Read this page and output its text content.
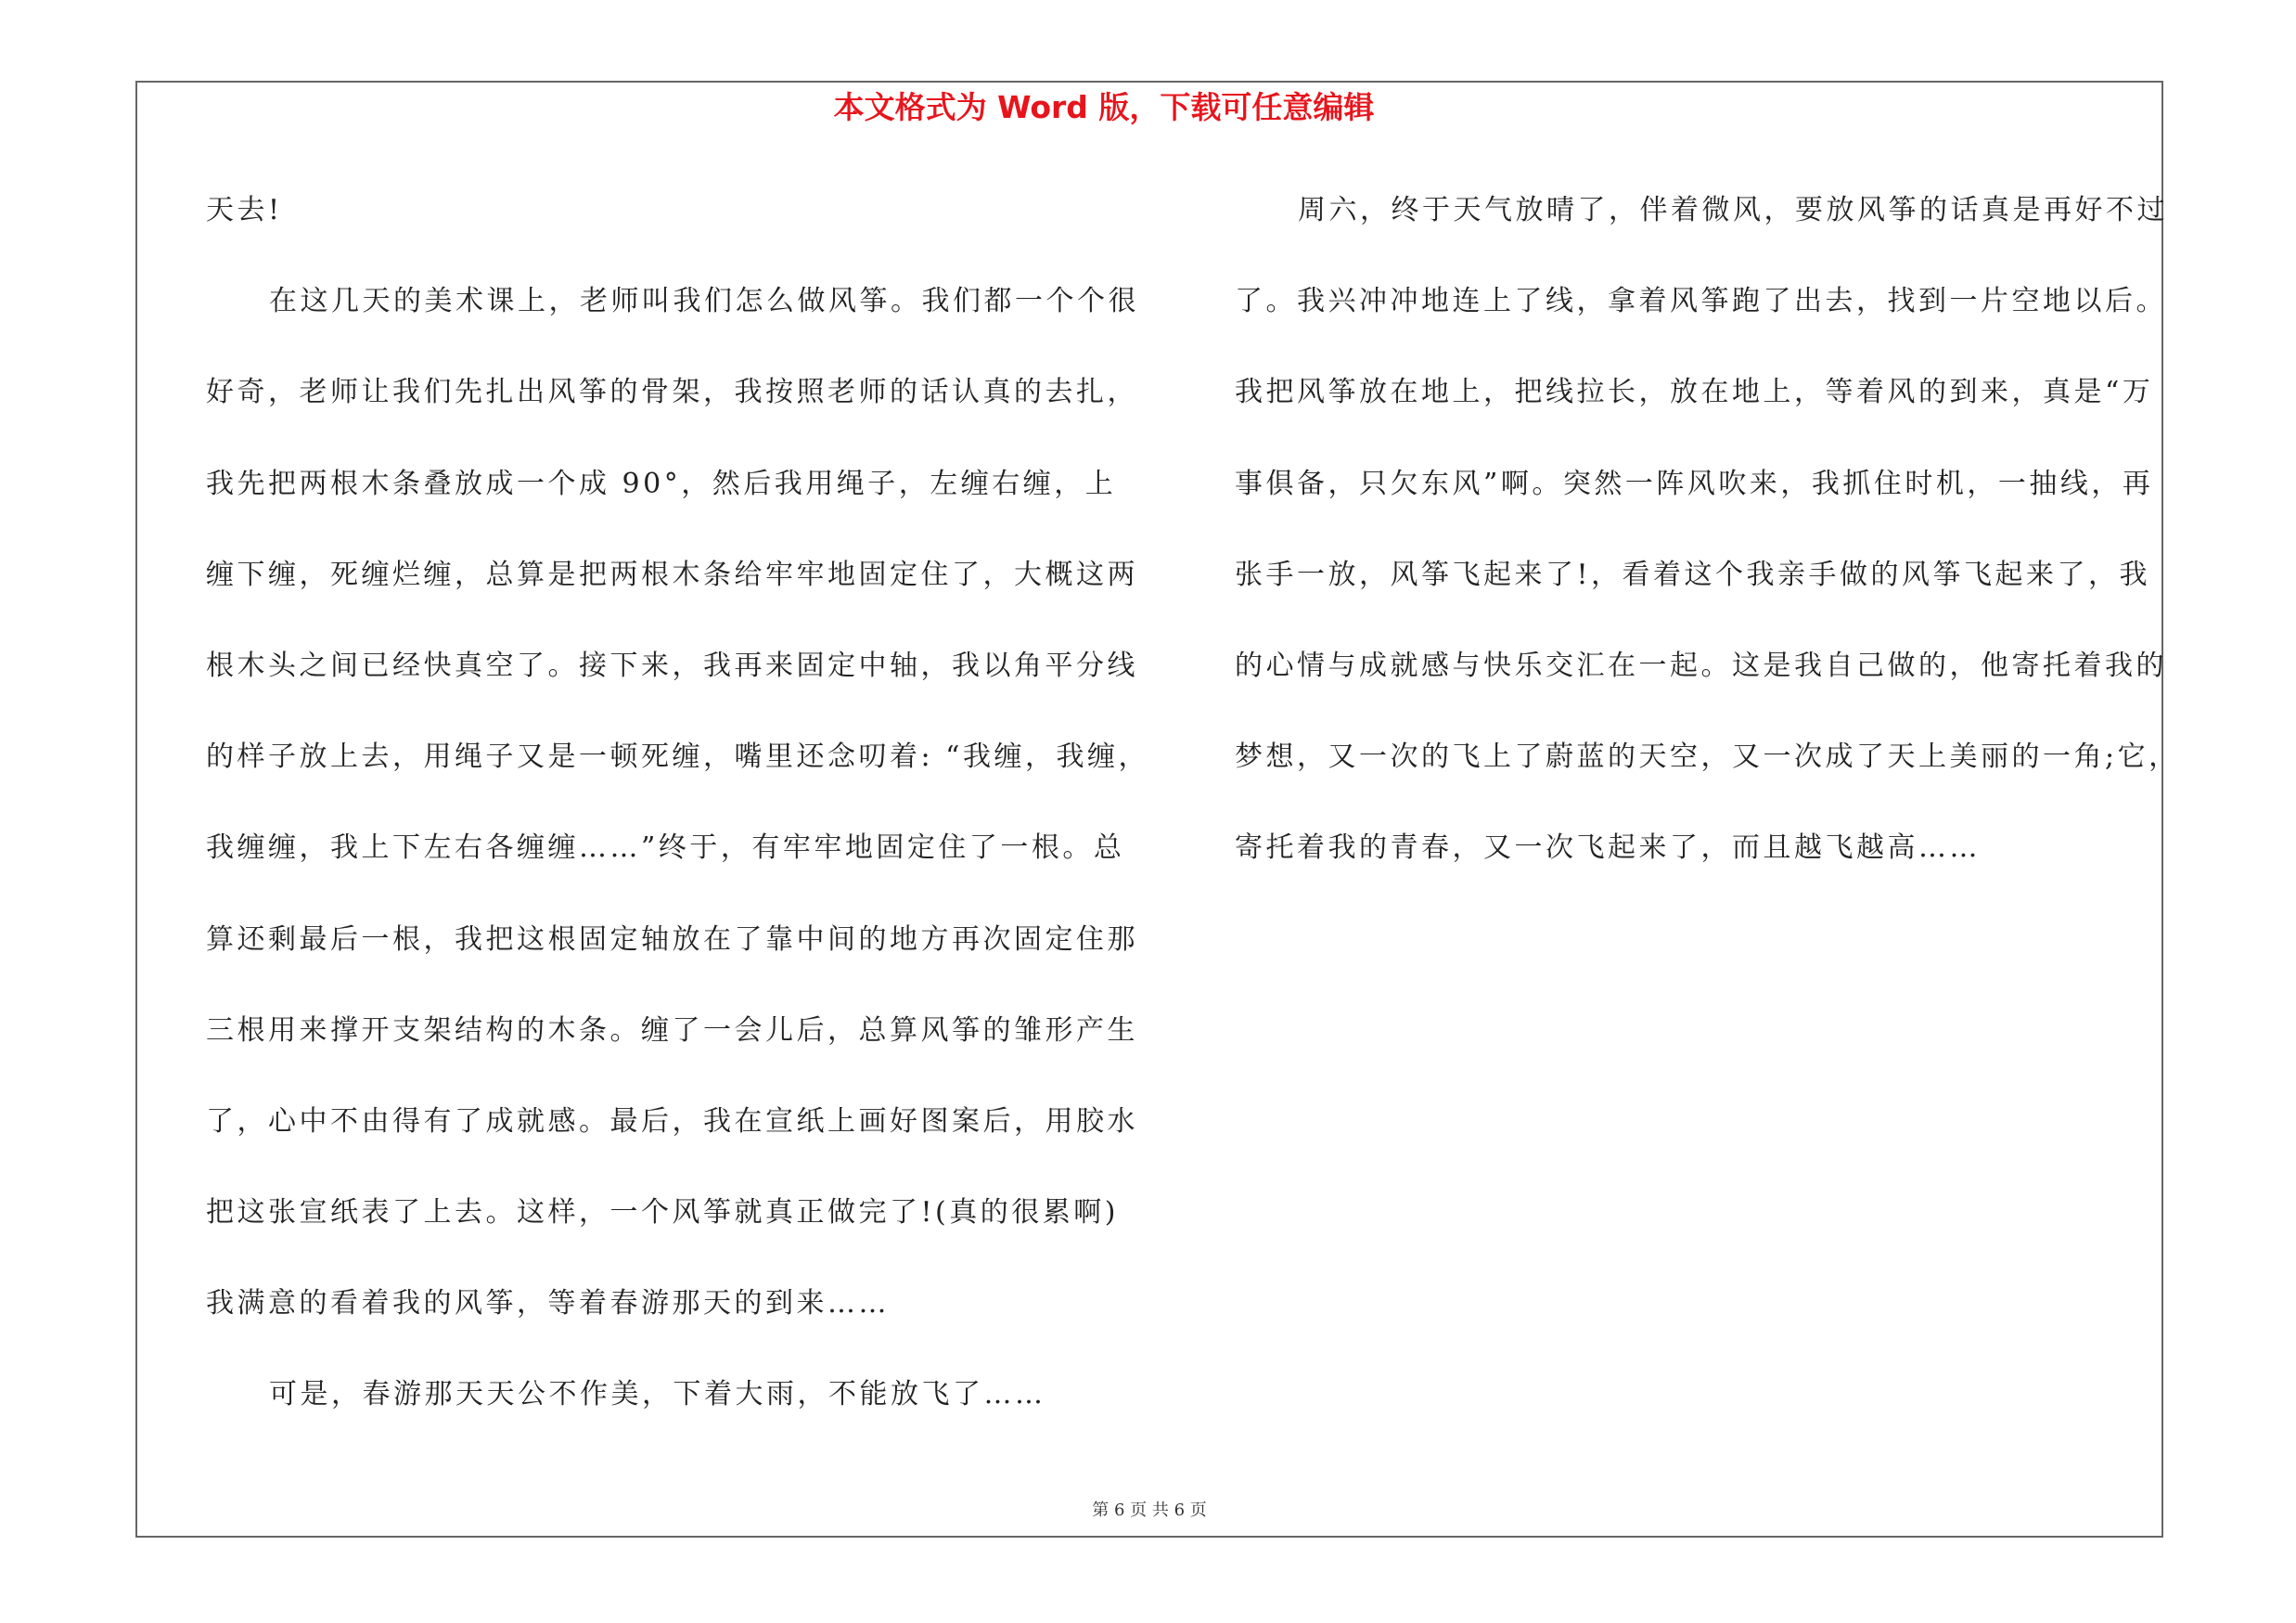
本文格式为 Word 版，下载可任意编辑
天去!
在这几天的美术课上，老师叫我们怎么做风筝。我们都一个个很
好奇，老师让我们先扎出风筝的骨架，我按照老师的话认真的去扎，
我先把两根木条叠放成一个成 90°，然后我用绳子，左缠右缠，上
缠下缠，死缠烂缠，总算是把两根木条给牢牢地固定住了，大概这两
根木头之间已经快真空了。接下来，我再来固定中轴，我以角平分线
的样子放上去，用绳子又是一顿死缠，嘴里还念叨着: “我缠，我缠，
我缠缠，我上下左右各缠缠……”终于，有牢牢地固定住了一根。总
算还剩最后一根，我把这根固定轴放在了靠中间的地方再次固定住那
三根用来撑开支架结构的木条。缠了一会儿后，总算风筝的雏形产生
了，心中不由得有了成就感。最后，我在宣纸上画好图案后，用胶水
把这张宣纸表了上去。这样，一个风筝就真正做完了!(真的很累啊)
我满意的看着我的风筝，等着春游那天的到来……
可是，春游那天天公不作美，下着大雨，不能放飞了……
周六，终于天气放晴了，伴着微风，要放风筝的话真是再好不过
了。我兴冲冲地连上了线，拿着风筝跑了出去，找到一片空地以后。
我把风筝放在地上，把线拉长，放在地上，等着风的到来，真是“万
事俱备，只欠东风”啊。突然一阵风吹来，我抓住时机，一抽线，再
张手一放，风筝飞起来了!，看着这个我亲手做的风筝飞起来了，我
的心情与成就感与快乐交汇在一起。这是我自己做的，他寄托着我的
梦想，又一次的飞上了蔚蓝的天空，又一次成了天上美丽的一角;它，
寄托着我的青春，又一次飞起来了，而且越飞越高……
第 6 页 共 6 页
